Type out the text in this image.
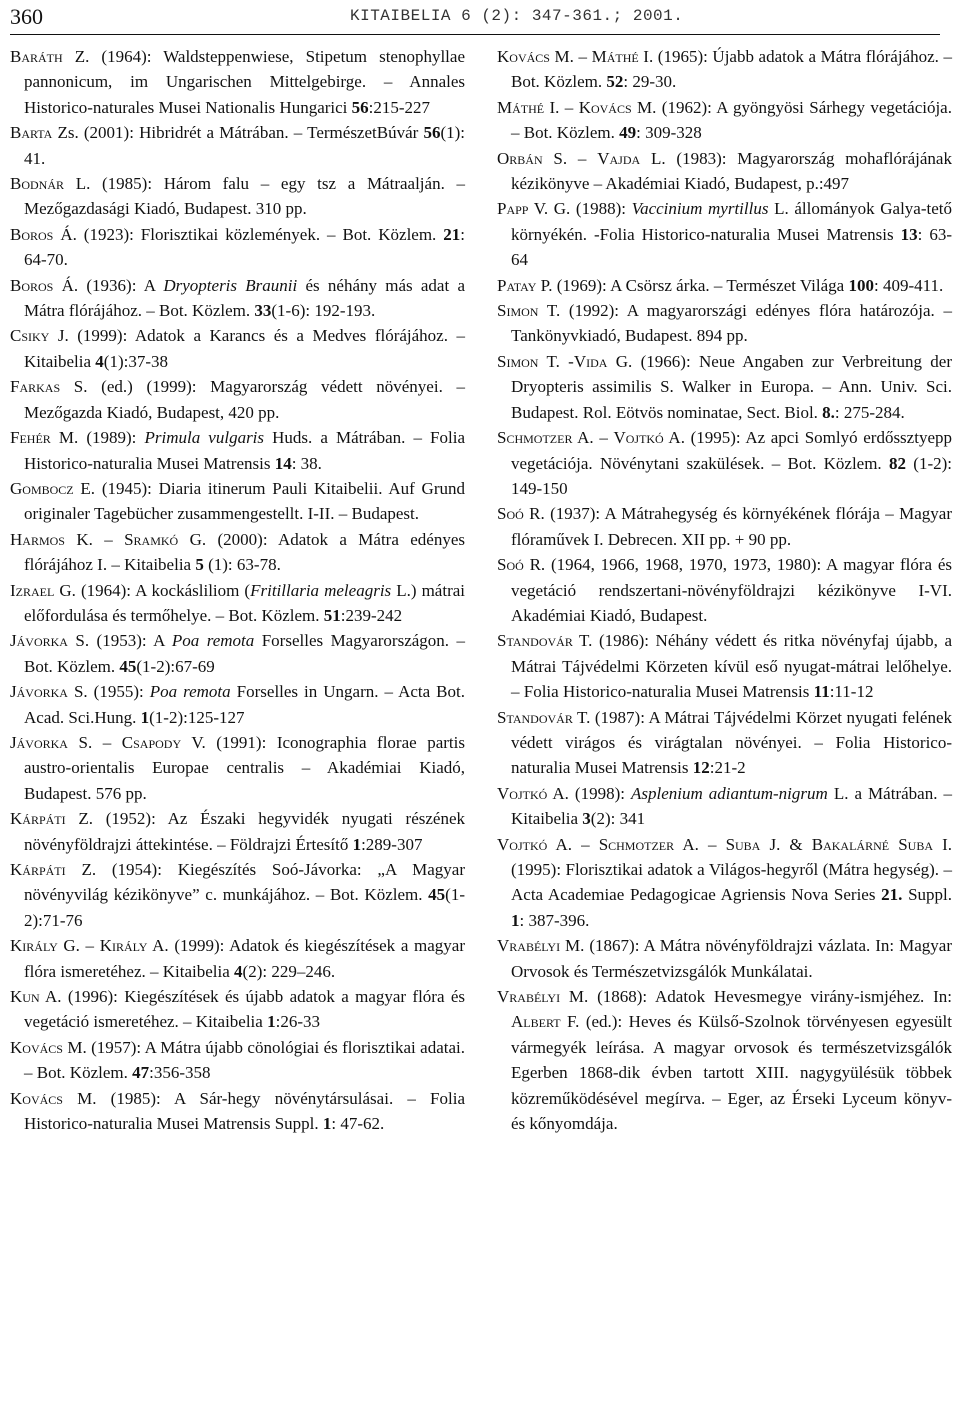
360	KITAIBELIA 6 (2): 347-361.; 2001.

Baráth Z. (1964): Waldsteppenwiese, Stipetum stenophyllae pannonicum, im Ungarischen Mittelgebirge. – Annales Historico-naturales Musei Nationalis Hungarici 56:215-227

Barta Zs. (2001): Hibridrét a Mátrában. – TermészetBúvár 56(1): 41.

Bodnár L. (1985): Három falu – egy tsz a Mátraalján. – Mezőgazdasági Kiadó, Budapest. 310 pp.

Boros Á. (1923): Florisztikai közlemények. – Bot. Közlem. 21: 64-70.

Boros Á. (1936): A Dryopteris Braunii és néhány más adat a Mátra flórájához. – Bot. Közlem. 33(1-6): 192-193.

Csiky J. (1999): Adatok a Karancs és a Medves flórájához. – Kitaibelia 4(1):37-38

Farkas S. (ed.) (1999): Magyarország védett növényei. – Mezőgazda Kiadó, Budapest, 420 pp.

Fehér M. (1989): Primula vulgaris Huds. a Mátrában. – Folia Historico-naturalia Musei Matrensis 14: 38.

Gombocz E. (1945): Diaria itinerum Pauli Kitaibelii. Auf Grund originaler Tagebücher zusammengestellt. I-II. – Budapest.

Harmos K. – Sramkó G. (2000): Adatok a Mátra edényes flórájához I. – Kitaibelia 5 (1): 63-78.

Izrael G. (1964): A kockásliliom (Fritillaria meleagris L.) mátrai előfordulása és termőhelye. – Bot. Közlem. 51:239-242

Jávorka S. (1953): A Poa remota Forselles Magyarországon. – Bot. Közlem. 45(1-2):67-69

Jávorka S. (1955): Poa remota Forselles in Ungarn. – Acta Bot. Acad. Sci.Hung. 1(1-2):125-127

Jávorka S. – Csapody V. (1991): Iconographia florae partis austro-orientalis Europae centralis – Akadémiai Kiadó, Budapest. 576 pp.

Kárpáti Z. (1952): Az Északi hegyvidék nyugati részének növényföldrajzi áttekintése. – Földrajzi Értesítő 1:289-307

Kárpáti Z. (1954): Kiegészítés Soó-Jávorka: „A Magyar növényvilág kézikönyve” c. munkájához. – Bot. Közlem. 45(1-2):71-76

Király G. – Király A. (1999): Adatok és kiegészítések a magyar flóra ismeretéhez. – Kitaibelia 4(2): 229–246.

Kun A. (1996): Kiegészítések és újabb adatok a magyar flóra és vegetáció ismeretéhez. – Kitaibelia 1:26-33

Kovács M. (1957): A Mátra újabb cönológiai és florisztikai adatai. – Bot. Közlem. 47:356-358

Kovács M. (1985): A Sár-hegy növénytársulásai. – Folia Historico-naturalia Musei Matrensis Suppl. 1: 47-62.

Kovács M. – Máthé I. (1965): Újabb adatok a Mátra flórájához. – Bot. Közlem. 52: 29-30.

Máthé I. – Kovács M. (1962): A gyöngyösi Sárhegy vegetációja. – Bot. Közlem. 49: 309-328

Orbán S. – Vajda L. (1983): Magyarország mohaflórájának kézikönyve – Akadémiai Kiadó, Budapest, p.:497

Papp V. G. (1988): Vaccinium myrtillus L. állományok Galya-tető környékén. -Folia Historico-naturalia Musei Matrensis 13: 63-64

Patay P. (1969): A Csörsz árka. – Természet Világa 100: 409-411.

Simon T. (1992): A magyarországi edényes flóra határozója. – Tankönyvkiadó, Budapest. 894 pp.

Simon T. -Vida G. (1966): Neue Angaben zur Verbreitung der Dryopteris assimilis S. Walker in Europa. – Ann. Univ. Sci. Budapest. Rol. Eötvös nominatae, Sect. Biol. 8.: 275-284.

Schmotzer A. – Vojtkó A. (1995): Az apci Somlyó erdőssztyepp vegetációja. Növénytani szakülések. – Bot. Közlem. 82 (1-2): 149-150

Soó R. (1937): A Mátrahegység és környékének flórája – Magyar flóraművek I. Debrecen. XII pp. + 90 pp.

Soó R. (1964, 1966, 1968, 1970, 1973, 1980): A magyar flóra és vegetáció rendszertani-növényföldrajzi kézikönyve I-VI. Akadémiai Kiadó, Budapest.

Standovár T. (1986): Néhány védett és ritka növényfaj újabb, a Mátrai Tájvédelmi Körzeten kívül eső nyugat-mátrai lelőhelye. – Folia Historico-naturalia Musei Matrensis 11:11-12

Standovár T. (1987): A Mátrai Tájvédelmi Körzet nyugati felének védett virágos és virágtalan növényei. – Folia Historico-naturalia Musei Matrensis 12:21-2

Vojtkó A. (1998): Asplenium adiantum-nigrum L. a Mátrában. – Kitaibelia 3(2): 341

Vojtkó A. – Schmotzer A. – Suba J. & Bakalárné Suba I. (1995): Florisztikai adatok a Világos-hegyről (Mátra hegység). – Acta Academiae Pedagogicae Agriensis Nova Series 21. Suppl. 1: 387-396.

Vrabélyi M. (1867): A Mátra növényföldrajzi vázlata. In: Magyar Orvosok és Természetvizsgálók Munkálatai.

Vrabélyi M. (1868): Adatok Hevesmegye virány-ismjéhez. In: Albert F. (ed.): Heves és Külső-Szolnok törvényesen egyesült vármegyék leírása. A magyar orvosok és természetvizsgálók Egerben 1868-dik évben tartott XIII. nagygyülésük többek közreműködésével megírva. – Eger, az Érseki Lyceum könyv- és kőnyomdája.
